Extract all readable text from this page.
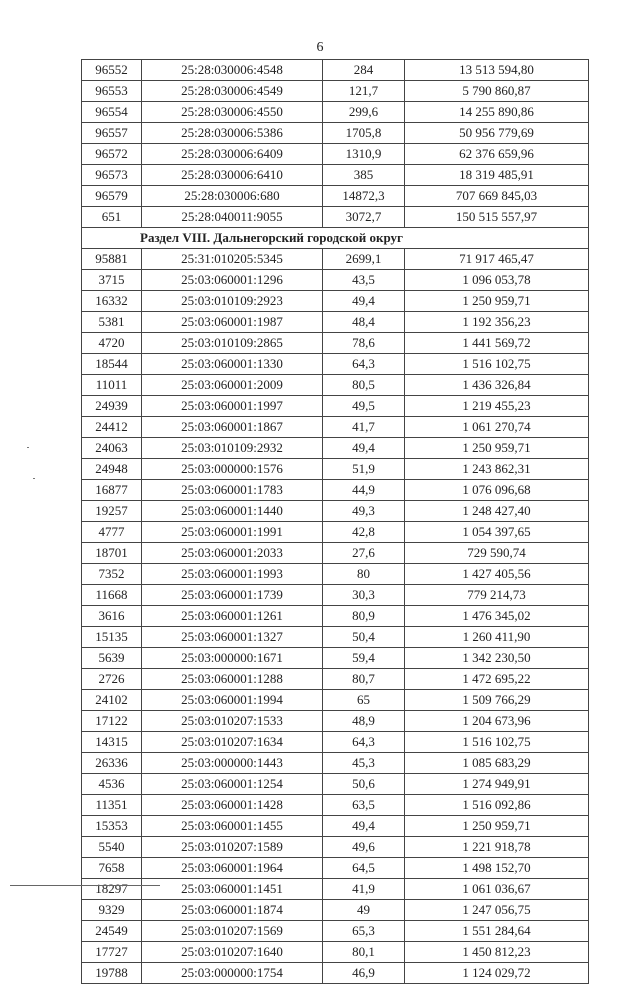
6
96552	25:28:030006:4548	284	13 513 594,80
96553	25:28:030006:4549	121,7	5 790 860,87
96554	25:28:030006:4550	299,6	14 255 890,86
96557	25:28:030006:5386	1705,8	50 956 779,69
96572	25:28:030006:6409	1310,9	62 376 659,96
96573	25:28:030006:6410	385	18 319 485,91
96579	25:28:030006:680	14872,3	707 669 845,03
651	25:28:040011:9055	3072,7	150 515 557,97
Раздел VIII. Дальнегорский городской округ			
95881	25:31:010205:5345	2699,1	71 917 465,47
3715	25:03:060001:1296	43,5	1 096 053,78
16332	25:03:010109:2923	49,4	1 250 959,71
5381	25:03:060001:1987	48,4	1 192 356,23
4720	25:03:010109:2865	78,6	1 441 569,72
18544	25:03:060001:1330	64,3	1 516 102,75
11011	25:03:060001:2009	80,5	1 436 326,84
24939	25:03:060001:1997	49,5	1 219 455,23
24412	25:03:060001:1867	41,7	1 061 270,74
24063	25:03:010109:2932	49,4	1 250 959,71
24948	25:03:000000:1576	51,9	1 243 862,31
16877	25:03:060001:1783	44,9	1 076 096,68
19257	25:03:060001:1440	49,3	1 248 427,40
4777	25:03:060001:1991	42,8	1 054 397,65
18701	25:03:060001:2033	27,6	729 590,74
7352	25:03:060001:1993	80	1 427 405,56
11668	25:03:060001:1739	30,3	779 214,73
3616	25:03:060001:1261	80,9	1 476 345,02
15135	25:03:060001:1327	50,4	1 260 411,90
5639	25:03:000000:1671	59,4	1 342 230,50
2726	25:03:060001:1288	80,7	1 472 695,22
24102	25:03:060001:1994	65	1 509 766,29
17122	25:03:010207:1533	48,9	1 204 673,96
14315	25:03:010207:1634	64,3	1 516 102,75
26336	25:03:000000:1443	45,3	1 085 683,29
4536	25:03:060001:1254	50,6	1 274 949,91
11351	25:03:060001:1428	63,5	1 516 092,86
15353	25:03:060001:1455	49,4	1 250 959,71
5540	25:03:010207:1589	49,6	1 221 918,78
7658	25:03:060001:1964	64,5	1 498 152,70
18297	25:03:060001:1451	41,9	1 061 036,67
9329	25:03:060001:1874	49	1 247 056,75
24549	25:03:010207:1569	65,3	1 551 284,64
17727	25:03:010207:1640	80,1	1 450 812,23
19788	25:03:000000:1754	46,9	1 124 029,72
